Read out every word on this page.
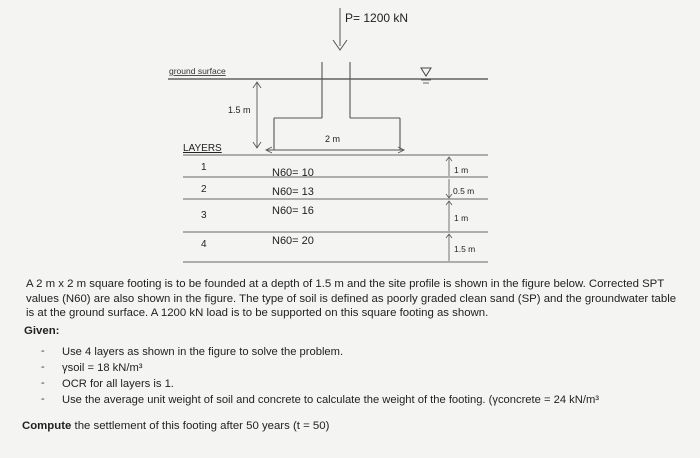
P= 1200 kN
ground surface
1.5 m
2 m
LAYERS
1
2
3
4
N60= 10
N60= 13
N60= 16
N60= 20
1 m
0.5 m
1 m
1.5 m
A 2 m x 2 m square footing is to be founded at a depth of 1.5 m and the site profile is shown in the figure below. Corrected SPT values (N60) are also shown in the figure. The type of soil is defined as poorly graded clean sand (SP) and the groundwater table is at the ground surface. A 1200 kN load is to be supported on this square footing as shown.
Given:
- Use 4 layers as shown in the figure to solve the problem.
- γsoil = 18 kN/m³
- OCR for all layers is 1.
- Use the average unit weight of soil and concrete to calculate the weight of the footing. (γconcrete = 24 kN/m³
Compute the settlement of this footing after 50 years (t = 50)
